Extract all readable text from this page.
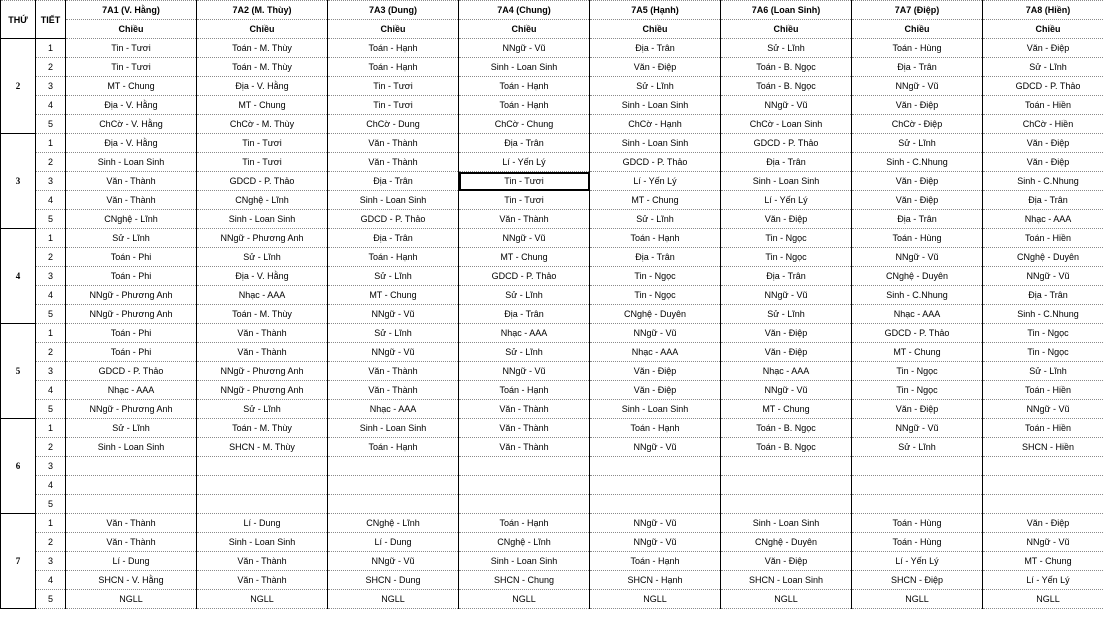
THỨ	TIẾT	7A1 (V. Hằng)	7A2 (M. Thùy)	7A3 (Dung)	7A4 (Chung)	7A5 (Hạnh)	7A6 (Loan Sinh)	7A7 (Điệp)	7A8 (Hiền)
		Chiều	Chiều	Chiều	Chiều	Chiều	Chiều	Chiều	Chiều
2	1	Tin - Tươi	Toán - M. Thùy	Toán - Hạnh	NNgữ - Vũ	Địa - Trân	Sử - Lĩnh	Toán - Hùng	Văn - Điệp
	2	Tin - Tươi	Toán - M. Thùy	Toán - Hạnh	Sinh - Loan Sinh	Văn - Điệp	Toán - B. Ngọc	Địa - Trân	Sử - Lĩnh
	3	MT - Chung	Địa - V. Hằng	Tin - Tươi	Toán - Hạnh	Sử - Lĩnh	Toán - B. Ngọc	NNgữ - Vũ	GDCD - P. Thảo
	4	Địa - V. Hằng	MT - Chung	Tin - Tươi	Toán - Hạnh	Sinh - Loan Sinh	NNgữ - Vũ	Văn - Điệp	Toán - Hiền
	5	ChCờ - V. Hằng	ChCờ - M. Thùy	ChCờ - Dung	ChCờ - Chung	ChCờ - Hạnh	ChCờ - Loan Sinh	ChCờ - Điệp	ChCờ - Hiền
3	1	Địa - V. Hằng	Tin - Tươi	Văn - Thành	Địa - Trân	Sinh - Loan Sinh	GDCD - P. Thảo	Sử - Lĩnh	Văn - Điệp
	2	Sinh - Loan Sinh	Tin - Tươi	Văn - Thành	Lí - Yến Lý	GDCD - P. Thảo	Địa - Trân	Sinh - C.Nhung	Văn - Điệp
	3	Văn - Thành	GDCD - P. Thảo	Địa - Trân	Tin - Tươi	Lí - Yến Lý	Sinh - Loan Sinh	Văn - Điệp	Sinh - C.Nhung
	4	Văn - Thành	CNghệ - Lĩnh	Sinh - Loan Sinh	Tin - Tươi	MT - Chung	Lí - Yến Lý	Văn - Điệp	Địa - Trân
	5	CNghệ - Lĩnh	Sinh - Loan Sinh	GDCD - P. Thảo	Văn - Thành	Sử - Lĩnh	Văn - Điệp	Địa - Trân	Nhạc - AAA
4	1	Sử - Lĩnh	NNgữ - Phương Anh	Địa - Trân	NNgữ - Vũ	Toán - Hạnh	Tin - Ngọc	Toán - Hùng	Toán - Hiền
	2	Toán - Phi	Sử - Lĩnh	Toán - Hạnh	MT - Chung	Địa - Trân	Tin - Ngọc	NNgữ - Vũ	CNghệ - Duyên
	3	Toán - Phi	Địa - V. Hằng	Sử - Lĩnh	GDCD - P. Thảo	Tin - Ngọc	Địa - Trân	CNghệ - Duyên	NNgữ - Vũ
	4	NNgữ - Phương Anh	Nhạc - AAA	MT - Chung	Sử - Lĩnh	Tin - Ngọc	NNgữ - Vũ	Sinh - C.Nhung	Địa - Trân
	5	NNgữ - Phương Anh	Toán - M. Thùy	NNgữ - Vũ	Địa - Trân	CNghệ - Duyên	Sử - Lĩnh	Nhạc - AAA	Sinh - C.Nhung
5	1	Toán - Phi	Văn - Thành	Sử - Lĩnh	Nhạc - AAA	NNgữ - Vũ	Văn - Điệp	GDCD - P. Thảo	Tin - Ngọc
	2	Toán - Phi	Văn - Thành	NNgữ - Vũ	Sử - Lĩnh	Nhạc - AAA	Văn - Điệp	MT - Chung	Tin - Ngọc
	3	GDCD - P. Thảo	NNgữ - Phương Anh	Văn - Thành	NNgữ - Vũ	Văn - Điệp	Nhạc - AAA	Tin - Ngọc	Sử - Lĩnh
	4	Nhạc - AAA	NNgữ - Phương Anh	Văn - Thành	Toán - Hạnh	Văn - Điệp	NNgữ - Vũ	Tin - Ngọc	Toán - Hiền
	5	NNgữ - Phương Anh	Sử - Lĩnh	Nhạc - AAA	Văn - Thành	Sinh - Loan Sinh	MT - Chung	Văn - Điệp	NNgữ - Vũ
6	1	Sử - Lĩnh	Toán - M. Thùy	Sinh - Loan Sinh	Văn - Thành	Toán - Hạnh	Toán - B. Ngọc	NNgữ - Vũ	Toán - Hiền
	2	Sinh - Loan Sinh	SHCN - M. Thùy	Toán - Hạnh	Văn - Thành	NNgữ - Vũ	Toán - B. Ngọc	Sử - Lĩnh	SHCN - Hiền
	3								
	4								
	5								
7	1	Văn - Thành	Lí - Dung	CNghệ - Lĩnh	Toán - Hạnh	NNgữ - Vũ	Sinh - Loan Sinh	Toán - Hùng	Văn - Điệp
	2	Văn - Thành	Sinh - Loan Sinh	Lí - Dung	CNghệ - Lĩnh	NNgữ - Vũ	CNghệ - Duyên	Toán - Hùng	NNgữ - Vũ
	3	Lí - Dung	Văn - Thành	NNgữ - Vũ	Sinh - Loan Sinh	Toán - Hạnh	Văn - Điệp	Lí - Yến Lý	MT - Chung
	4	SHCN - V. Hằng	Văn - Thành	SHCN - Dung	SHCN - Chung	SHCN - Hạnh	SHCN - Loan Sinh	SHCN - Điệp	Lí - Yến Lý
	5	NGLL	NGLL	NGLL	NGLL	NGLL	NGLL	NGLL	NGLL
